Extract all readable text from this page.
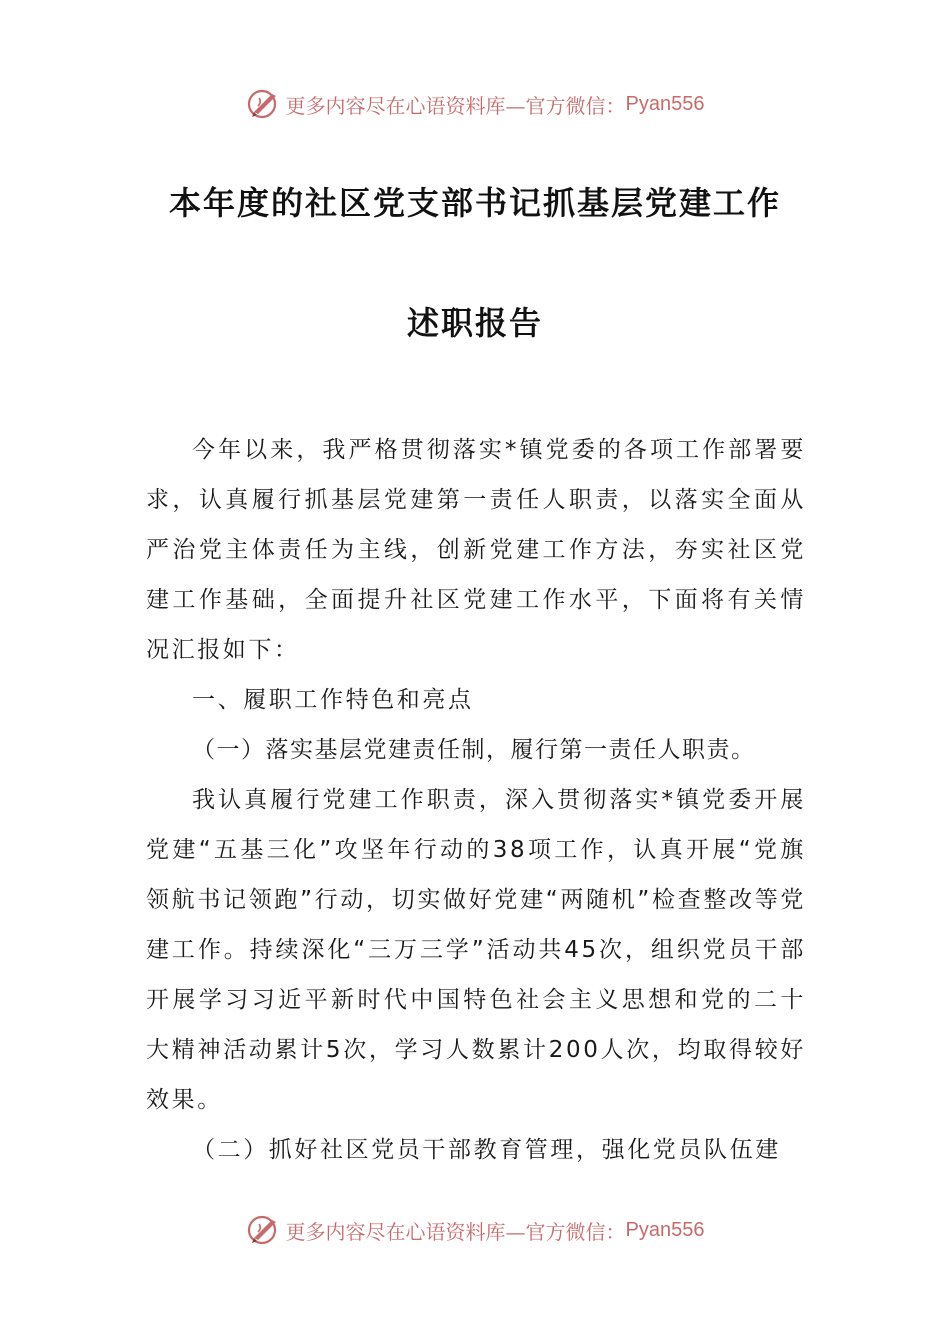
更多内容尽在心语资料库—官方微信： Pyan556
本年度的社区党支部书记抓基层党建工作
述职报告

今年以来，我严格贯彻落实*镇党委的各项工作部署要求，认真履行抓基层党建第一责任人职责，以落实全面从严治党主体责任为主线，创新党建工作方法，夯实社区党建工作基础，全面提升社区党建工作水平，下面将有关情况汇报如下：

一、履职工作特色和亮点

（一）落实基层党建责任制，履行第一责任人职责。

我认真履行党建工作职责，深入贯彻落实*镇党委开展党建“五基三化”攻坚年行动的38项工作，认真开展“党旗领航书记领跑”行动，切实做好党建“两随机”检查整改等党建工作。持续深化“三万三学”活动共45次，组织党员干部开展学习习近平新时代中国特色社会主义思想和党的二十大精神活动累计5次，学习人数累计200人次，均取得较好效果。

（二）抓好社区党员干部教育管理，强化党员队伍建

更多内容尽在心语资料库—官方微信： Pyan556
